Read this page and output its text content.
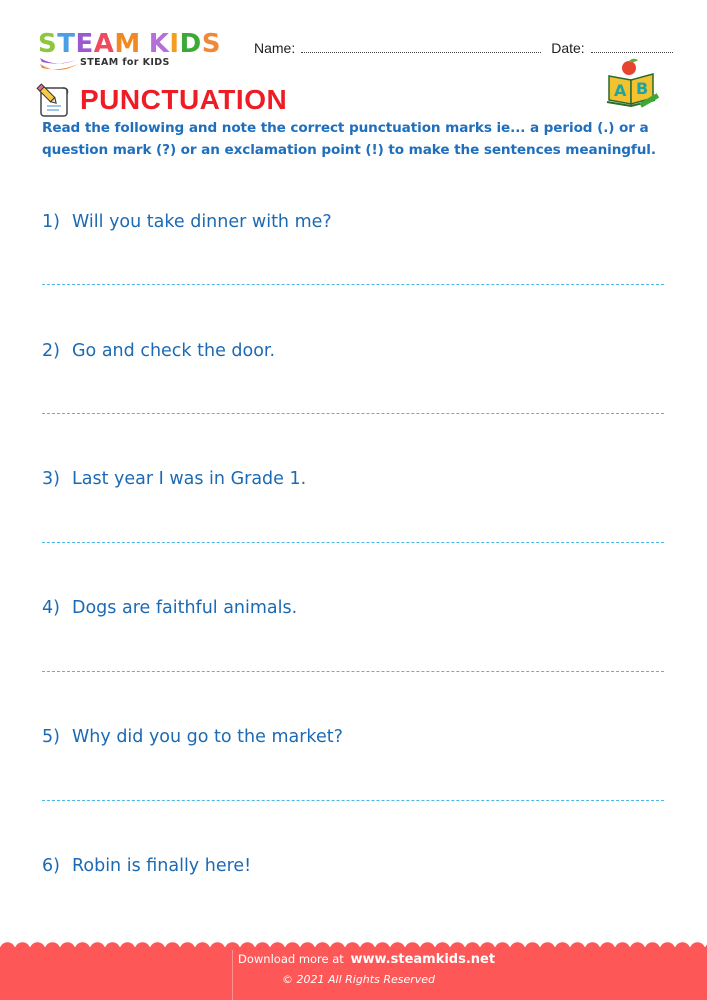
STEAM KIDS
STEAM for KIDS
Name:	Date:
PUNCTUATION	A B
Read the following and note the correct punctuation marks ie... a period (.) or a
question mark (?) or an exclamation point (!) to make the sentences meaningful.
1) Will you take dinner with me?
2) Go and check the door.
3) Last year I was in Grade 1.
4) Dogs are faithful animals.
5) Why did you go to the market?
6) Robin is finally here!
Download more at www.steamkids.net
© 2021 All Rights Reserved
